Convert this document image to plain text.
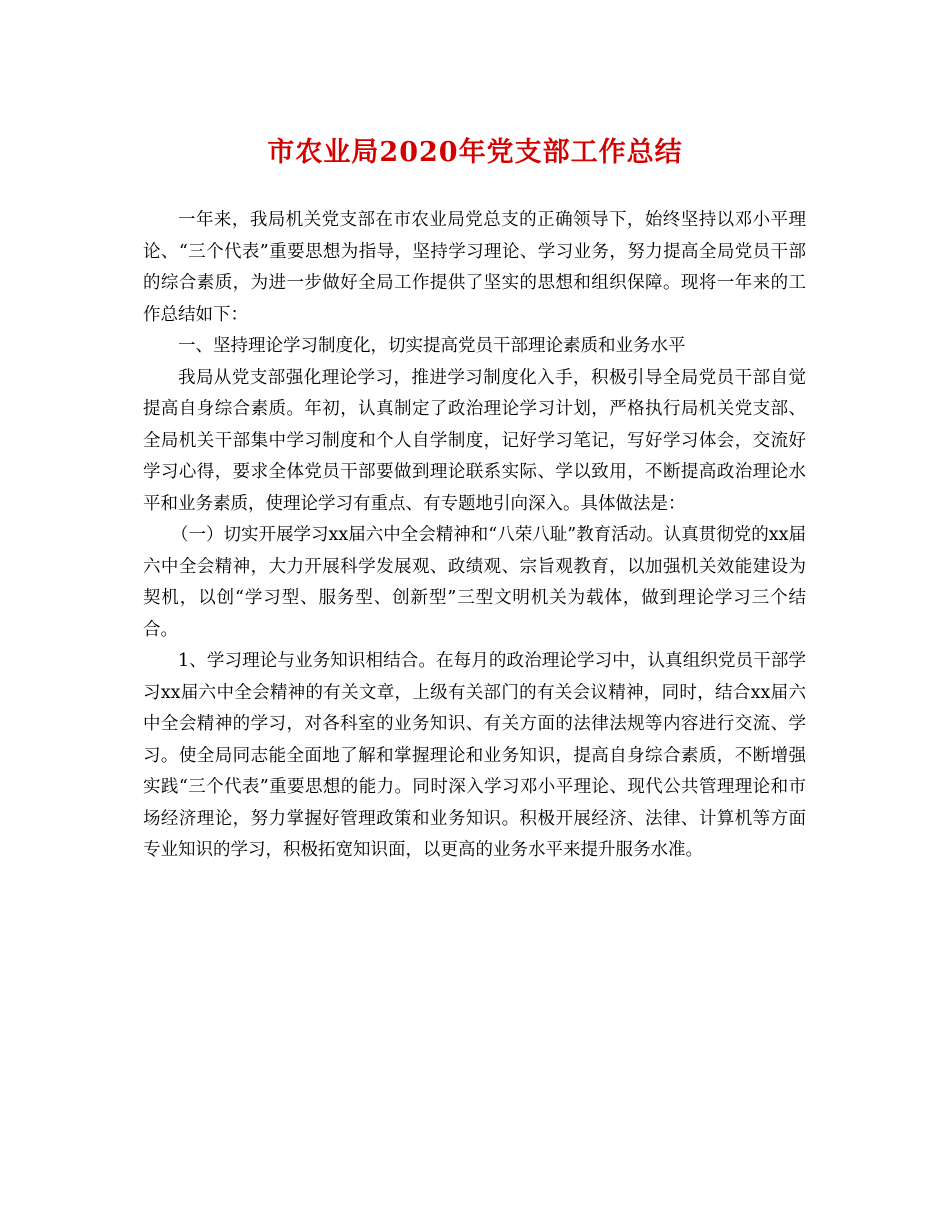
市农业局2020年党支部工作总结

一年来，我局机关党支部在市农业局党总支的正确领导下，始终坚持以邓小平理论、“三个代表”重要思想为指导，坚持学习理论、学习业务，努力提高全局党员干部的综合素质，为进一步做好全局工作提供了坚实的思想和组织保障。现将一年来的工作总结如下：

一、坚持理论学习制度化，切实提高党员干部理论素质和业务水平

我局从党支部强化理论学习，推进学习制度化入手，积极引导全局党员干部自觉提高自身综合素质。年初，认真制定了政治理论学习计划，严格执行局机关党支部、全局机关干部集中学习制度和个人自学制度，记好学习笔记，写好学习体会，交流好学习心得，要求全体党员干部要做到理论联系实际、学以致用，不断提高政治理论水平和业务素质，使理论学习有重点、有专题地引向深入。具体做法是：

（一）切实开展学习xx届六中全会精神和“八荣八耻”教育活动。认真贯彻党的xx届六中全会精神，大力开展科学发展观、政绩观、宗旨观教育，以加强机关效能建设为契机，以创“学习型、服务型、创新型”三型文明机关为载体，做到理论学习三个结合。

1、学习理论与业务知识相结合。在每月的政治理论学习中，认真组织党员干部学习xx届六中全会精神的有关文章，上级有关部门的有关会议精神，同时，结合xx届六中全会精神的学习，对各科室的业务知识、有关方面的法律法规等内容进行交流、学习。使全局同志能全面地了解和掌握理论和业务知识，提高自身综合素质，不断增强实践“三个代表”重要思想的能力。同时深入学习邓小平理论、现代公共管理理论和市场经济理论，努力掌握好管理政策和业务知识。积极开展经济、法律、计算机等方面专业知识的学习，积极拓宽知识面，以更高的业务水平来提升服务水准。
